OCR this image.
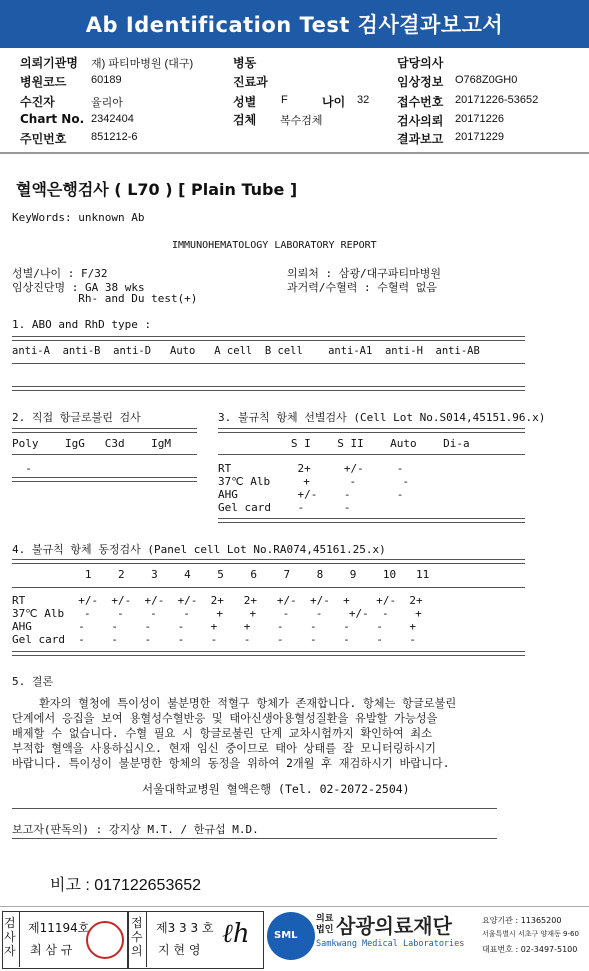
Ab Identification Test 검사결과보고서
의뢰기관명 재) 파티마병원 (대구)	병동	담당의사
병원코드 60189	진료과	임상정보 O768Z0GH0
수진자	율리아	성별 F	나이 32 접수번호 20171226-53652
Chart No. 2342404	검체 복수검체	검사의뢰 20171226
주민번호 851212-6	결과보고 20171229
혈액은행검사 ( L70 ) [ Plain Tube ]
KeyWords: unknown Ab
IMMUNOHEMATOLOGY LABORATORY REPORT
성별/나이 : F/32
임상진단명 : GA 38 wks
Rh- and Du test(+)
의뢰처 : 삼광/대구파티마병원
과거력/수혈력 : 수혈력 없음
1. ABO and RhD type :
anti-A  anti-B  anti-D   Auto   A cell  B cell    anti-A1  anti-H  anti-AB
2. 직접 항글로불린 검사	3. 불규칙 항체 선별검사 (Cell Lot No.S014,45151.96.x)
Poly    IgG   C3d    IgM	S I    S II    Auto    Di-a
-	RT          2+     +/-     -
37℃ Alb     +      -       -
AHG         +/-    -       -
Gel card    -      -
4. 불규칙 항체 동정검사 (Panel cell Lot No.RA074,45161.25.x)
1    2    3    4    5    6    7    8    9    10   11
RT        +/-  +/-  +/-  +/-  2+   2+   +/-  +/-  +    +/-  2+
37℃ Alb   -    -    -    -    +    +    -    -    +/-  -    +
AHG       -    -    -    -    +    +    -    -    -    -    +
Gel card  -    -    -    -    -    -    -    -    -    -    -
5. 결론
환자의 혈청에 특이성이 불분명한 적혈구 항체가 존재합니다. 항체는 항글로불린
단계에서 응집을 보여 용혈성수혈반응 및 태아신생아용혈성질환을 유발할 가능성을
배제할 수 없습니다. 수혈 필요 시 항글로불린 단계 교차시험까지 확인하여 최소
부적합 혈액을 사용하십시오. 현재 임신 중이므로 태아 상태를 잘 모니터링하시기
바랍니다. 특이성이 불분명한 항체의 동정을 위하여 2개월 후 재검하시기 바랍니다.
서울대학교병원 혈액은행 (Tel. 02-2072-2504)
보고자(판독의) : 강지상 M.T. / 한규섭 M.D.
비고 : 017122653652
검사자
제11194호
최 삼 규
접수의
제3 3 3 호
지 현 영
ℓh SML
의료
법인 삼광의료재단
Samkwang Medical Laboratories
요양기관 : 11365200
서울특별시 서초구 양재동 9-60
대표번호 : 02-3497-5100
